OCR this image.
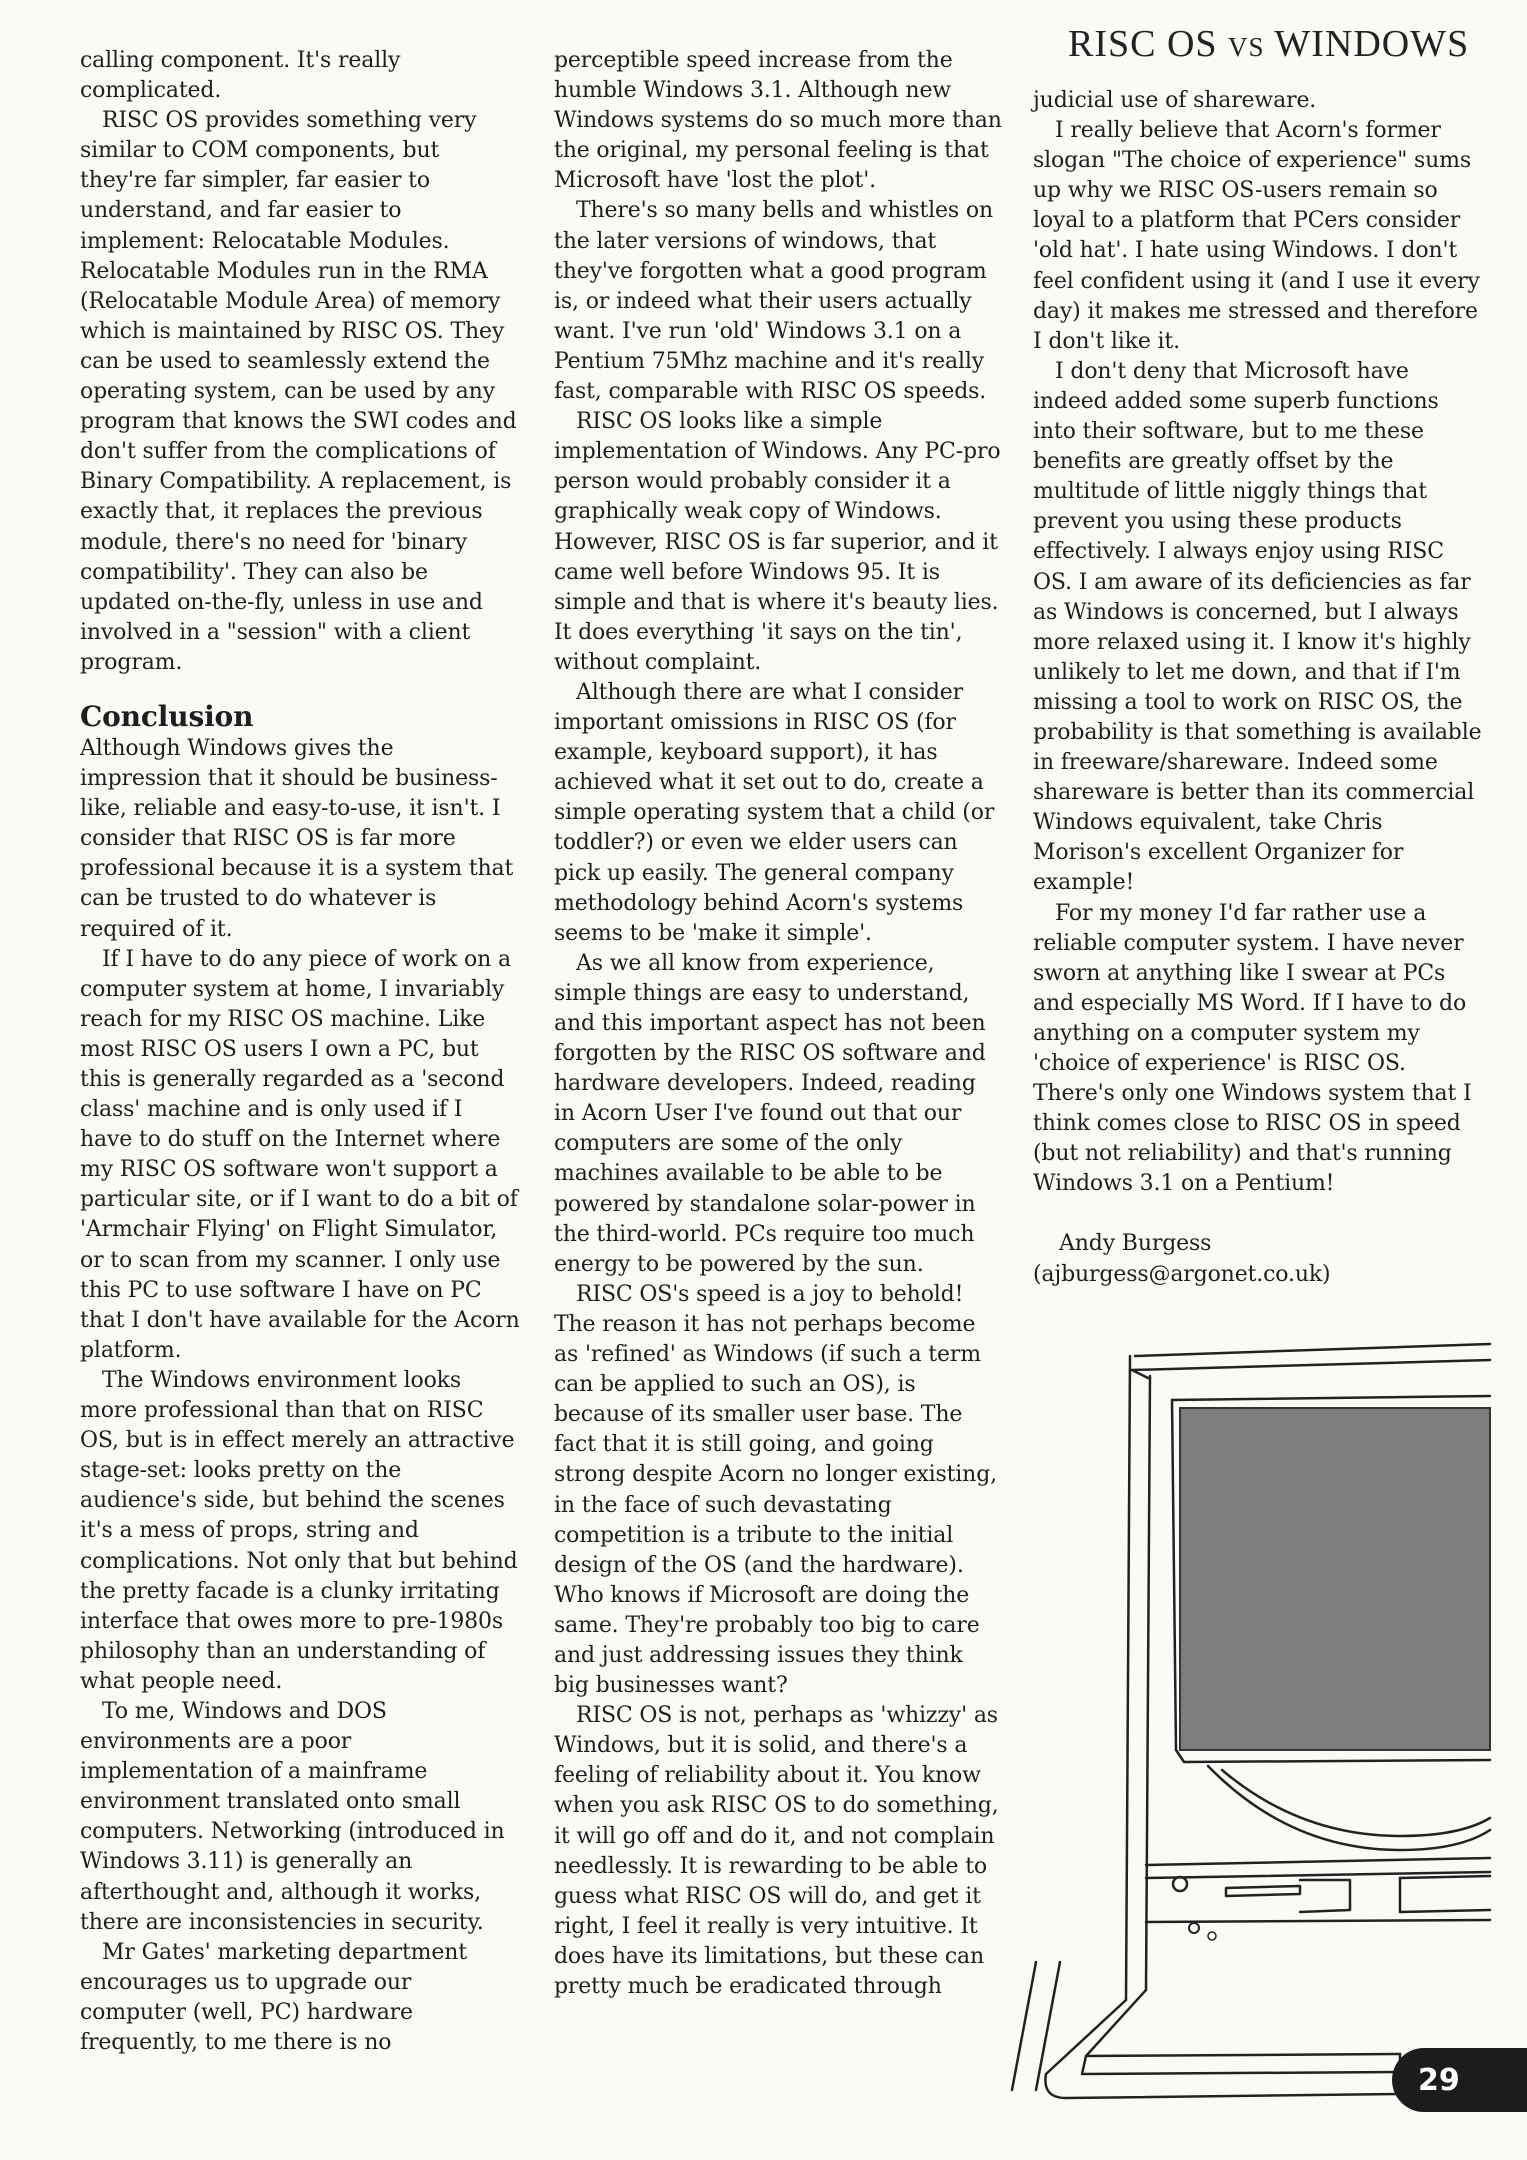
RISC OS vs WINDOWS

calling component. It's really complicated.

RISC OS provides something very similar to COM components, but they're far simpler, far easier to understand, and far easier to implement: Relocatable Modules. Relocatable Modules run in the RMA (Relocatable Module Area) of memory which is maintained by RISC OS. They can be used to seamlessly extend the operating system, can be used by any program that knows the SWI codes and don't suffer from the complications of Binary Compatibility. A replacement, is exactly that, it replaces the previous module, there's no need for 'binary compatibility'. They can also be updated on-the-fly, unless in use and involved in a "session" with a client program.

Conclusion

Although Windows gives the impression that it should be business-like, reliable and easy-to-use, it isn't. I consider that RISC OS is far more professional because it is a system that can be trusted to do whatever is required of it.

If I have to do any piece of work on a computer system at home, I invariably reach for my RISC OS machine. Like most RISC OS users I own a PC, but this is generally regarded as a 'second class' machine and is only used if I have to do stuff on the Internet where my RISC OS software won't support a particular site, or if I want to do a bit of 'Armchair Flying' on Flight Simulator, or to scan from my scanner. I only use this PC to use software I have on PC that I don't have available for the Acorn platform.

The Windows environment looks more professional than that on RISC OS, but is in effect merely an attractive stage-set: looks pretty on the audience's side, but behind the scenes it's a mess of props, string and complications. Not only that but behind the pretty facade is a clunky irritating interface that owes more to pre-1980s philosophy than an understanding of what people need.

To me, Windows and DOS environments are a poor implementation of a mainframe environment translated onto small computers. Networking (introduced in Windows 3.11) is generally an afterthought and, although it works, there are inconsistencies in security.

Mr Gates' marketing department encourages us to upgrade our computer (well, PC) hardware frequently, to me there is no

perceptible speed increase from the humble Windows 3.1. Although new Windows systems do so much more than the original, my personal feeling is that Microsoft have 'lost the plot'.

There's so many bells and whistles on the later versions of windows, that they've forgotten what a good program is, or indeed what their users actually want. I've run 'old' Windows 3.1 on a Pentium 75Mhz machine and it's really fast, comparable with RISC OS speeds.

RISC OS looks like a simple implementation of Windows. Any PC-pro person would probably consider it a graphically weak copy of Windows. However, RISC OS is far superior, and it came well before Windows 95. It is simple and that is where it's beauty lies. It does everything 'it says on the tin', without complaint.

Although there are what I consider important omissions in RISC OS (for example, keyboard support), it has achieved what it set out to do, create a simple operating system that a child (or toddler?) or even we elder users can pick up easily. The general company methodology behind Acorn's systems seems to be 'make it simple'.

As we all know from experience, simple things are easy to understand, and this important aspect has not been forgotten by the RISC OS software and hardware developers. Indeed, reading in Acorn User I've found out that our computers are some of the only machines available to be able to be powered by standalone solar-power in the third-world. PCs require too much energy to be powered by the sun.

RISC OS's speed is a joy to behold! The reason it has not perhaps become as 'refined' as Windows (if such a term can be applied to such an OS), is because of its smaller user base. The fact that it is still going, and going strong despite Acorn no longer existing, in the face of such devastating competition is a tribute to the initial design of the OS (and the hardware). Who knows if Microsoft are doing the same. They're probably too big to care and just addressing issues they think big businesses want?

RISC OS is not, perhaps as 'whizzy' as Windows, but it is solid, and there's a feeling of reliability about it. You know when you ask RISC OS to do something, it will go off and do it, and not complain needlessly. It is rewarding to be able to guess what RISC OS will do, and get it right, I feel it really is very intuitive. It does have its limitations, but these can pretty much be eradicated through

judicial use of shareware.

I really believe that Acorn's former slogan "The choice of experience" sums up why we RISC OS-users remain so loyal to a platform that PCers consider 'old hat'. I hate using Windows. I don't feel confident using it (and I use it every day) it makes me stressed and therefore I don't like it.

I don't deny that Microsoft have indeed added some superb functions into their software, but to me these benefits are greatly offset by the multitude of little niggly things that prevent you using these products effectively. I always enjoy using RISC OS. I am aware of its deficiencies as far as Windows is concerned, but I always more relaxed using it. I know it's highly unlikely to let me down, and that if I'm missing a tool to work on RISC OS, the probability is that something is available in freeware/shareware. Indeed some shareware is better than its commercial Windows equivalent, take Chris Morison's excellent Organizer for example!

For my money I'd far rather use a reliable computer system. I have never sworn at anything like I swear at PCs and especially MS Word. If I have to do anything on a computer system my 'choice of experience' is RISC OS. There's only one Windows system that I think comes close to RISC OS in speed (but not reliability) and that's running Windows 3.1 on a Pentium!

Andy Burgess

(ajburgess@argonet.co.uk)

29
